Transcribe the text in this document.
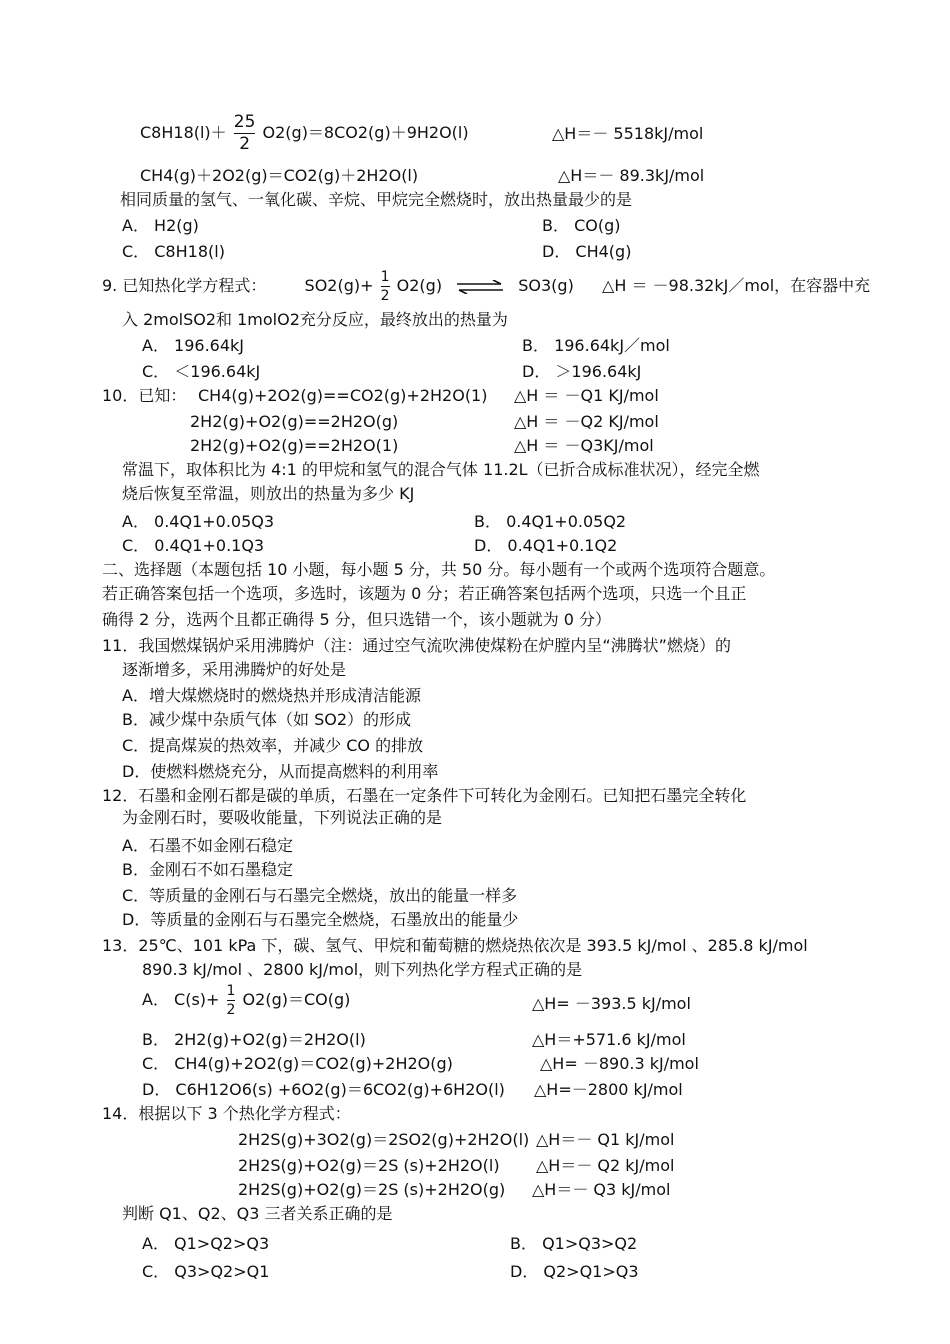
$C8H18(l)+ \frac{25}{2} O2(g)=8CO2(g)+9H2O(l)$	△H＝－ 5518kJ/mol
CH4(g)＋2O2(g)＝CO2(g)＋2H2O(l)	△H＝－ 89.3kJ/mol
相同质量的氢气、一氧化碳、辛烷、甲烷完全燃烧时，放出热量最少的是
A． H2(g)	B． CO(g)
C． C8H18(l)	D． CH4(g)
9. 已知热化学方程式： $SO2(g)+ \frac{1}{2} O2(g)$ ⇌ SO3(g) △H ＝ －98.32kJ／mol，在容器中充
入 2molSO2和 1molO2充分反应，最终放出的热量为
A． 196.64kJ	B． 196.64kJ／mol
C． ＜196.64kJ	D． ＞196.64kJ
10．已知： CH4(g)+2O2(g)==CO2(g)+2H2O(1) △H ＝ －Q1 KJ/mol
2H2(g)+O2(g)==2H2O(g)	△H ＝ －Q2 KJ/mol
2H2(g)+O2(g)==2H2O(1)	△H ＝ －Q3KJ/mol
常温下，取体积比为 4:1 的甲烷和氢气的混合气体 11.2L（已折合成标准状况），经完全燃
烧后恢复至常温，则放出的热量为多少 KJ
A． 0.4Q1+0.05Q3	B． 0.4Q1+0.05Q2
C． 0.4Q1+0.1Q3	D． 0.4Q1+0.1Q2
二、选择题（本题包括 10 小题，每小题 5 分，共 50 分。每小题有一个或两个选项符合题意。
若正确答案包括一个选项，多选时，该题为 0 分；若正确答案包括两个选项，只选一个且正
确得 2 分，选两个且都正确得 5 分，但只选错一个，该小题就为 0 分）
11．我国燃煤锅炉采用沸腾炉（注：通过空气流吹沸使煤粉在炉膛内呈“沸腾状”燃烧）的
逐渐增多，采用沸腾炉的好处是
A．增大煤燃烧时的燃烧热并形成清洁能源
B．减少煤中杂质气体（如 SO2）的形成
C．提高煤炭的热效率，并减少 CO 的排放
D．使燃料燃烧充分，从而提高燃料的利用率
12．石墨和金刚石都是碳的单质，石墨在一定条件下可转化为金刚石。已知把石墨完全转化
为金刚石时，要吸收能量，下列说法正确的是
A．石墨不如金刚石稳定
B．金刚石不如石墨稳定
C．等质量的金刚石与石墨完全燃烧，放出的能量一样多
D．等质量的金刚石与石墨完全燃烧，石墨放出的能量少
13．25℃、101 kPa 下，碳、氢气、甲烷和葡萄糖的燃烧热依次是 393.5 kJ/mol 、285.8 kJ/mol
890.3 kJ/mol 、2800 kJ/mol，则下列热化学方程式正确的是
A． $C(s)+ \frac{1}{2} O2(g)=CO(g)$	△H= －393.5 kJ/mol
B． 2H2(g)+O2(g)＝2H2O(l)	△H＝+571.6 kJ/mol
C． CH4(g)+2O2(g)＝CO2(g)+2H2O(g)	△H= －890.3 kJ/mol
D． C6H12O6(s) +6O2(g)＝6CO2(g)+6H2O(l) △H=－2800 kJ/mol
14．根据以下 3 个热化学方程式：
2H2S(g)+3O2(g)＝2SO2(g)+2H2O(l) △H＝－ Q1 kJ/mol
2H2S(g)+O2(g)＝2S (s)+2H2O(l) △H＝－ Q2 kJ/mol
2H2S(g)+O2(g)＝2S (s)+2H2O(g) △H＝－ Q3 kJ/mol
判断 Q1、Q2、Q3 三者关系正确的是
A． Q1>Q2>Q3	B． Q1>Q3>Q2
C． Q3>Q2>Q1	D． Q2>Q1>Q3
